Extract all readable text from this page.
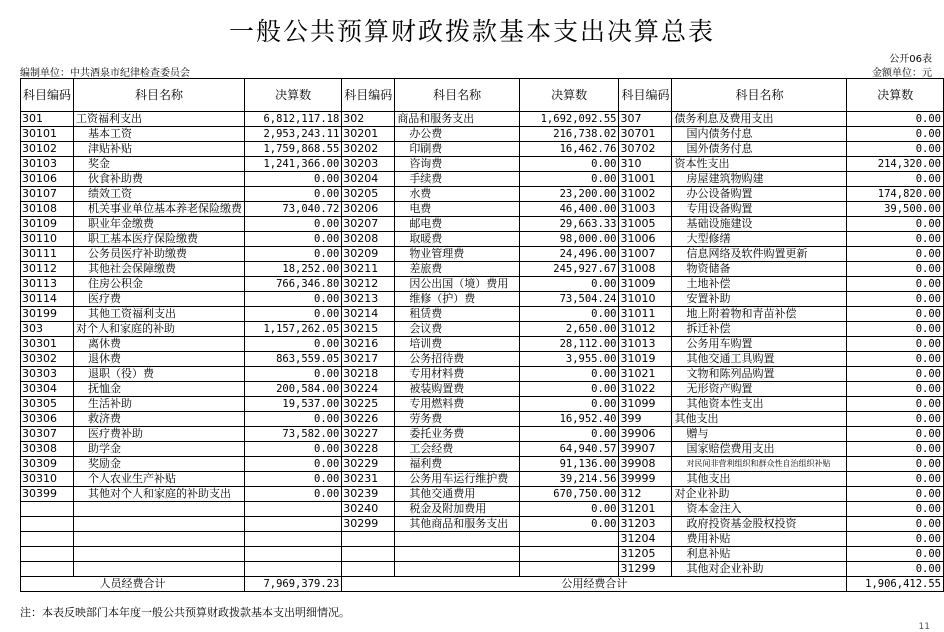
一般公共预算财政拨款基本支出决算总表
公开06表
编制单位：中共酒泉市纪律检查委员会	金额单位：元
科目编码	科目名称	决算数	科目编码	科目名称	决算数	科目编码	科目名称	决算数
301	工资福利支出	6,812,117.18	302	商品和服务支出	1,692,092.55	307	债务利息及费用支出	0.00
30101	基本工资	2,953,243.11	30201	办公费	216,738.02	30701	国内债务付息	0.00
30102	津贴补贴	1,759,868.55	30202	印刷费	16,462.76	30702	国外债务付息	0.00
30103	奖金	1,241,366.00	30203	咨询费	0.00	310	资本性支出	214,320.00
30106	伙食补助费	0.00	30204	手续费	0.00	31001	房屋建筑物购建	0.00
30107	绩效工资	0.00	30205	水费	23,200.00	31002	办公设备购置	174,820.00
30108	机关事业单位基本养老保险缴费	73,040.72	30206	电费	46,400.00	31003	专用设备购置	39,500.00
30109	职业年金缴费	0.00	30207	邮电费	29,663.33	31005	基础设施建设	0.00
30110	职工基本医疗保险缴费	0.00	30208	取暖费	98,000.00	31006	大型修缮	0.00
30111	公务员医疗补助缴费	0.00	30209	物业管理费	24,496.00	31007	信息网络及软件购置更新	0.00
30112	其他社会保障缴费	18,252.00	30211	差旅费	245,927.67	31008	物资储备	0.00
30113	住房公积金	766,346.80	30212	因公出国（境）费用	0.00	31009	土地补偿	0.00
30114	医疗费	0.00	30213	维修（护）费	73,504.24	31010	安置补助	0.00
30199	其他工资福利支出	0.00	30214	租赁费	0.00	31011	地上附着物和青苗补偿	0.00
303	对个人和家庭的补助	1,157,262.05	30215	会议费	2,650.00	31012	拆迁补偿	0.00
30301	离休费	0.00	30216	培训费	28,112.00	31013	公务用车购置	0.00
30302	退休费	863,559.05	30217	公务招待费	3,955.00	31019	其他交通工具购置	0.00
30303	退职（役）费	0.00	30218	专用材料费	0.00	31021	文物和陈列品购置	0.00
30304	抚恤金	200,584.00	30224	被装购置费	0.00	31022	无形资产购置	0.00
30305	生活补助	19,537.00	30225	专用燃料费	0.00	31099	其他资本性支出	0.00
30306	救济费	0.00	30226	劳务费	16,952.40	399	其他支出	0.00
30307	医疗费补助	73,582.00	30227	委托业务费	0.00	39906	赠与	0.00
30308	助学金	0.00	30228	工会经费	64,940.57	39907	国家赔偿费用支出	0.00
30309	奖励金	0.00	30229	福利费	91,136.00	39908	对民间非营利组织和群众性自治组织补贴	0.00
30310	个人农业生产补贴	0.00	30231	公务用车运行维护费	39,214.56	39999	其他支出	0.00
30399	其他对个人和家庭的补助支出	0.00	30239	其他交通费用	670,750.00	312	对企业补助	0.00
			30240	税金及附加费用	0.00	31201	资本金注入	0.00
			30299	其他商品和服务支出	0.00	31203	政府投资基金股权投资	0.00
						31204	费用补贴	0.00
						31205	利息补贴	0.00
						31299	其他对企业补助	0.00
人员经费合计		7,969,379.23	公用经费合计					1,906,412.55
注：本表反映部门本年度一般公共预算财政拨款基本支出明细情况。
11
